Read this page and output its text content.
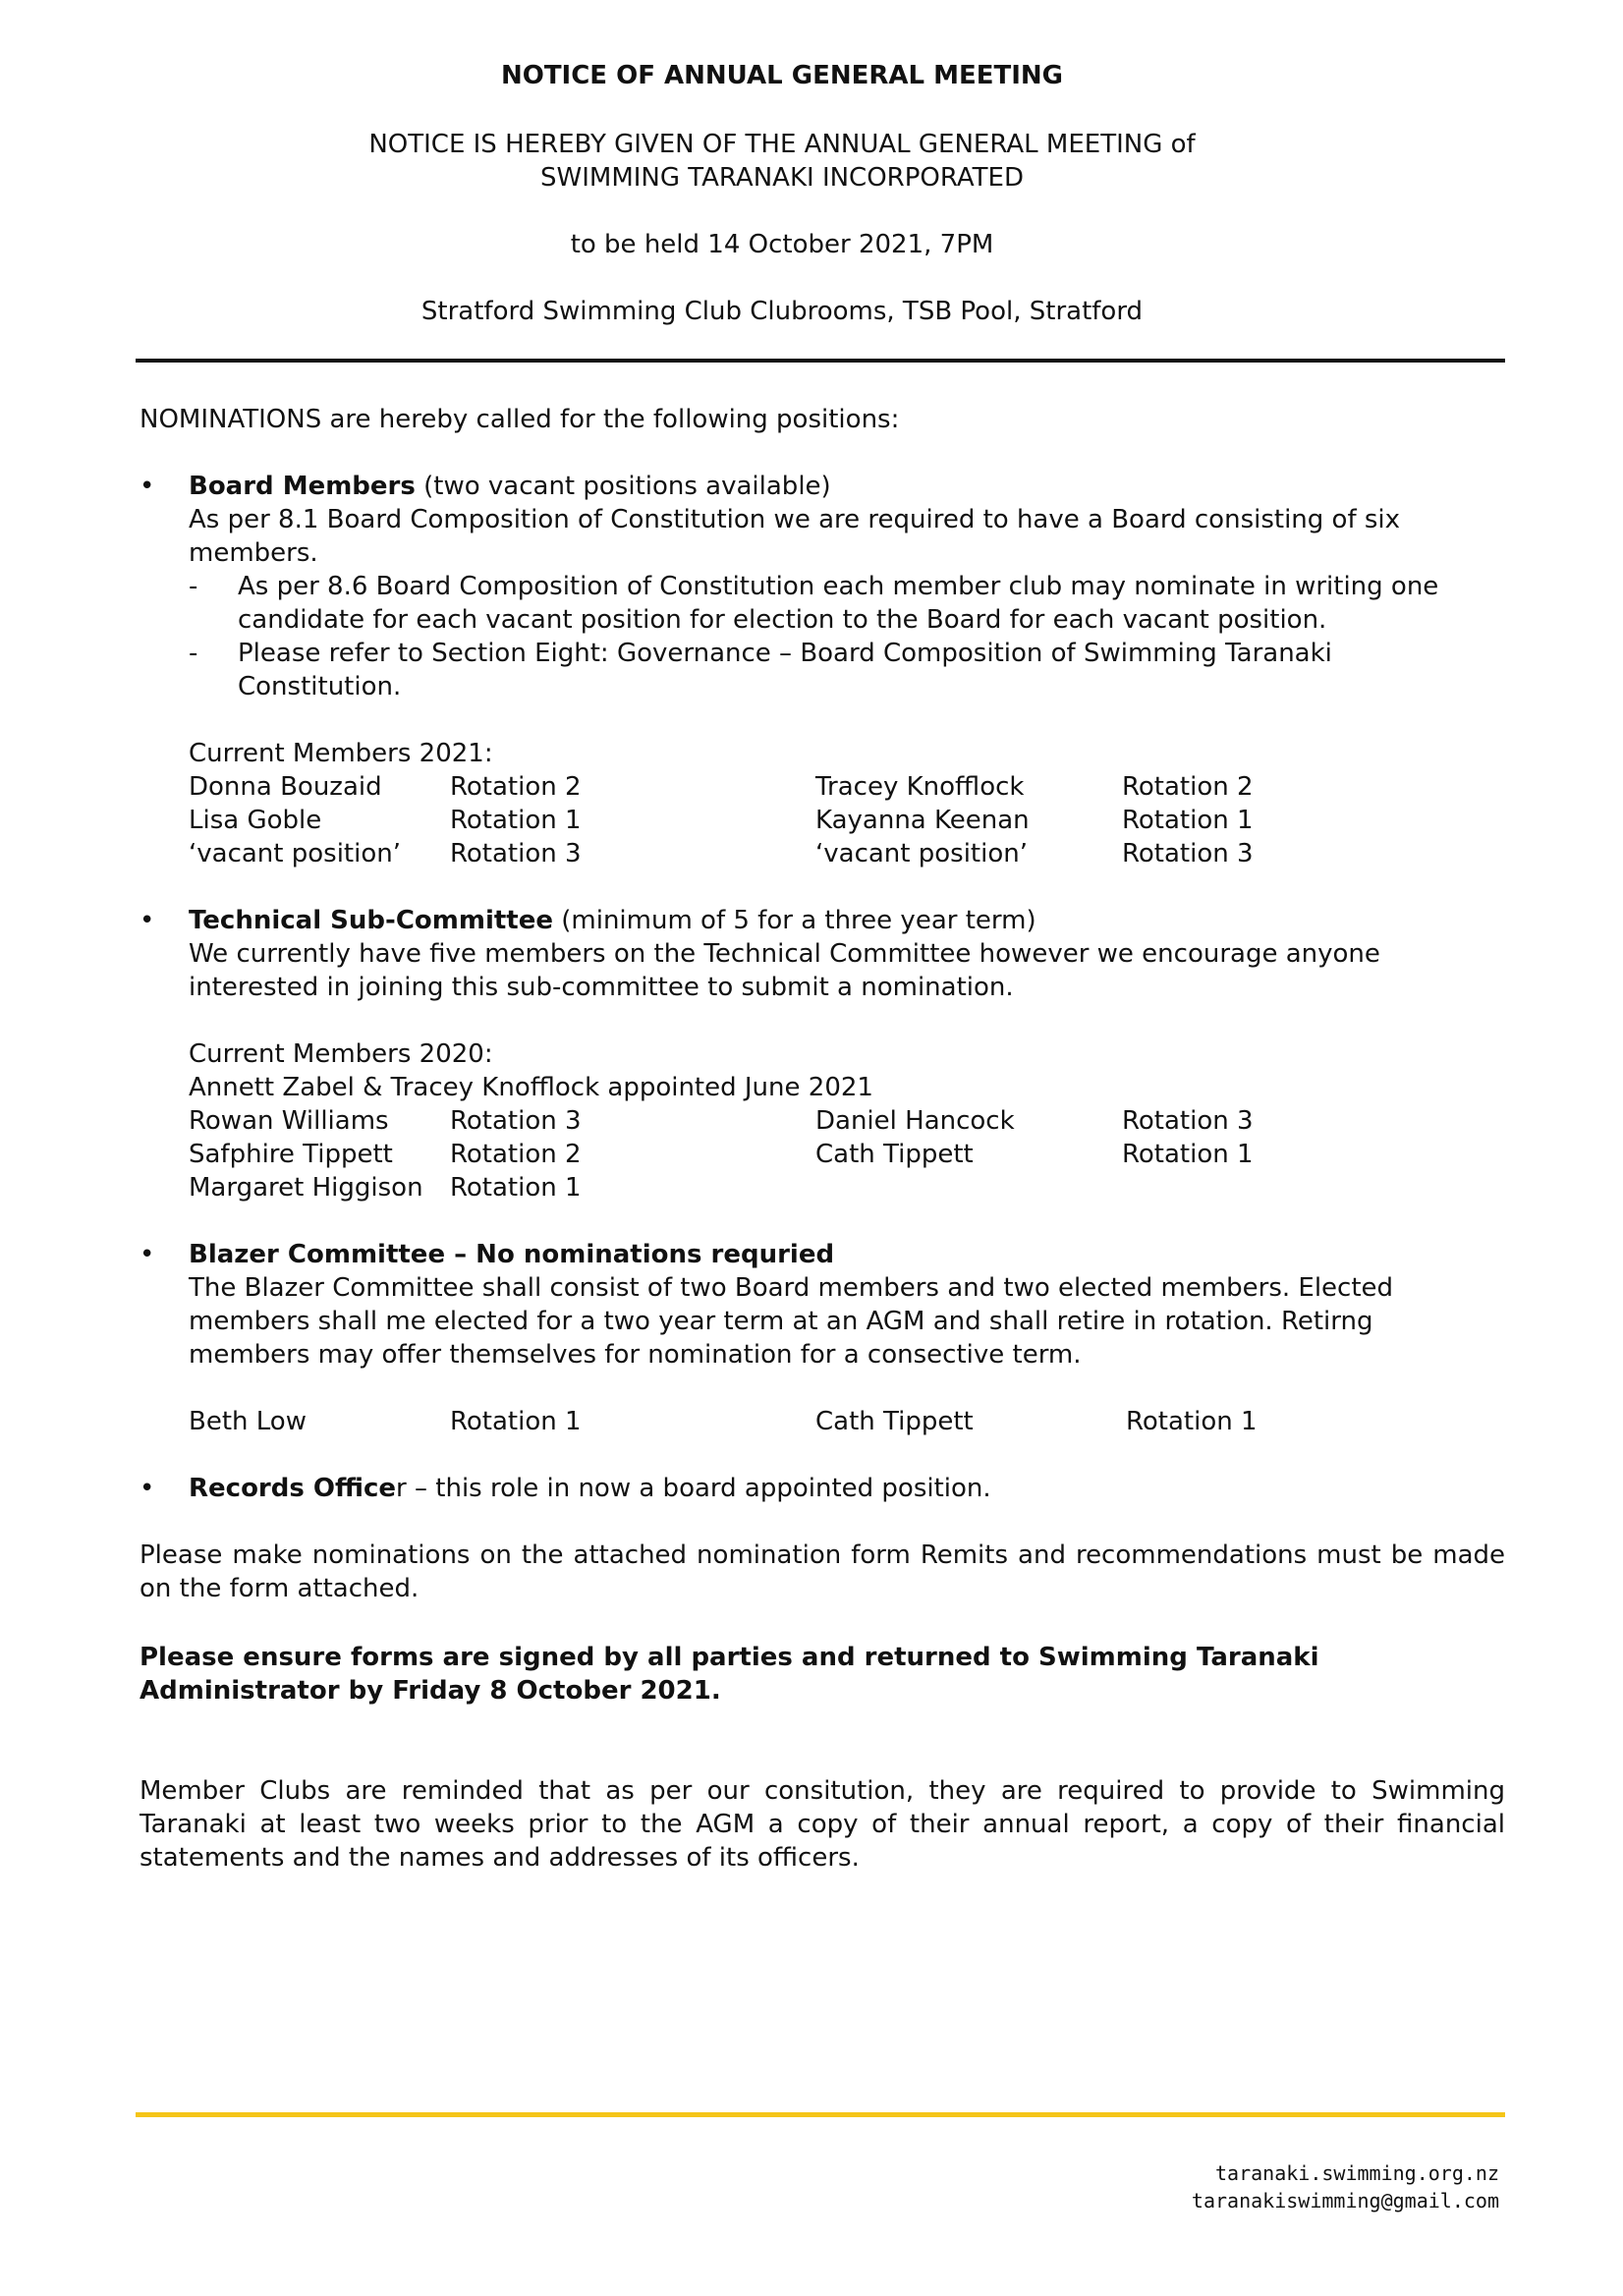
NOTICE OF ANNUAL GENERAL MEETING
NOTICE IS HEREBY GIVEN OF THE ANNUAL GENERAL MEETING of
SWIMMING TARANAKI INCORPORATED
to be held 14 October 2021, 7PM
Stratford Swimming Club Clubrooms, TSB Pool, Stratford
NOMINATIONS are hereby called for the following positions:
• Board Members (two vacant positions available)
As per 8.1 Board Composition of Constitution we are required to have a Board consisting of six
members.
- As per 8.6 Board Composition of Constitution each member club may nominate in writing one
candidate for each vacant position for election to the Board for each vacant position.
- Please refer to Section Eight: Governance – Board Composition of Swimming Taranaki
Constitution.
Current Members 2021:
Donna Bouzaid	Rotation 2	Tracey Knofflock	Rotation 2
Lisa Goble	Rotation 1	Kayanna Keenan	Rotation 1
‘vacant position’ Rotation 3	‘vacant position’	Rotation 3
• Technical Sub-Committee (minimum of 5 for a three year term)
We currently have five members on the Technical Committee however we encourage anyone
interested in joining this sub-committee to submit a nomination.
Current Members 2020:
Annett Zabel & Tracey Knofflock appointed June 2021
Rowan Williams Rotation 3	Daniel Hancock	Rotation 3
Safphire Tippett Rotation 2	Cath Tippett	Rotation 1
Margaret Higgison Rotation 1
• Blazer Committee – No nominations requried
The Blazer Committee shall consist of two Board members and two elected members. Elected
members shall me elected for a two year term at an AGM and shall retire in rotation. Retirng
members may offer themselves for nomination for a consective term.
Beth Low	Rotation 1	Cath Tippett	Rotation 1
• Records Officer – this role in now a board appointed position.
Please make nominations on the attached nomination form Remits and recommendations must be made on the form attached.
Please ensure forms are signed by all parties and returned to Swimming Taranaki Administrator by Friday 8 October 2021.
Member Clubs are reminded that as per our consitution, they are required to provide to Swimming Taranaki at least two weeks prior to the AGM a copy of their annual report, a copy of their financial statements and the names and addresses of its officers.
taranaki.swimming.org.nz
taranakiswimming@gmail.com
